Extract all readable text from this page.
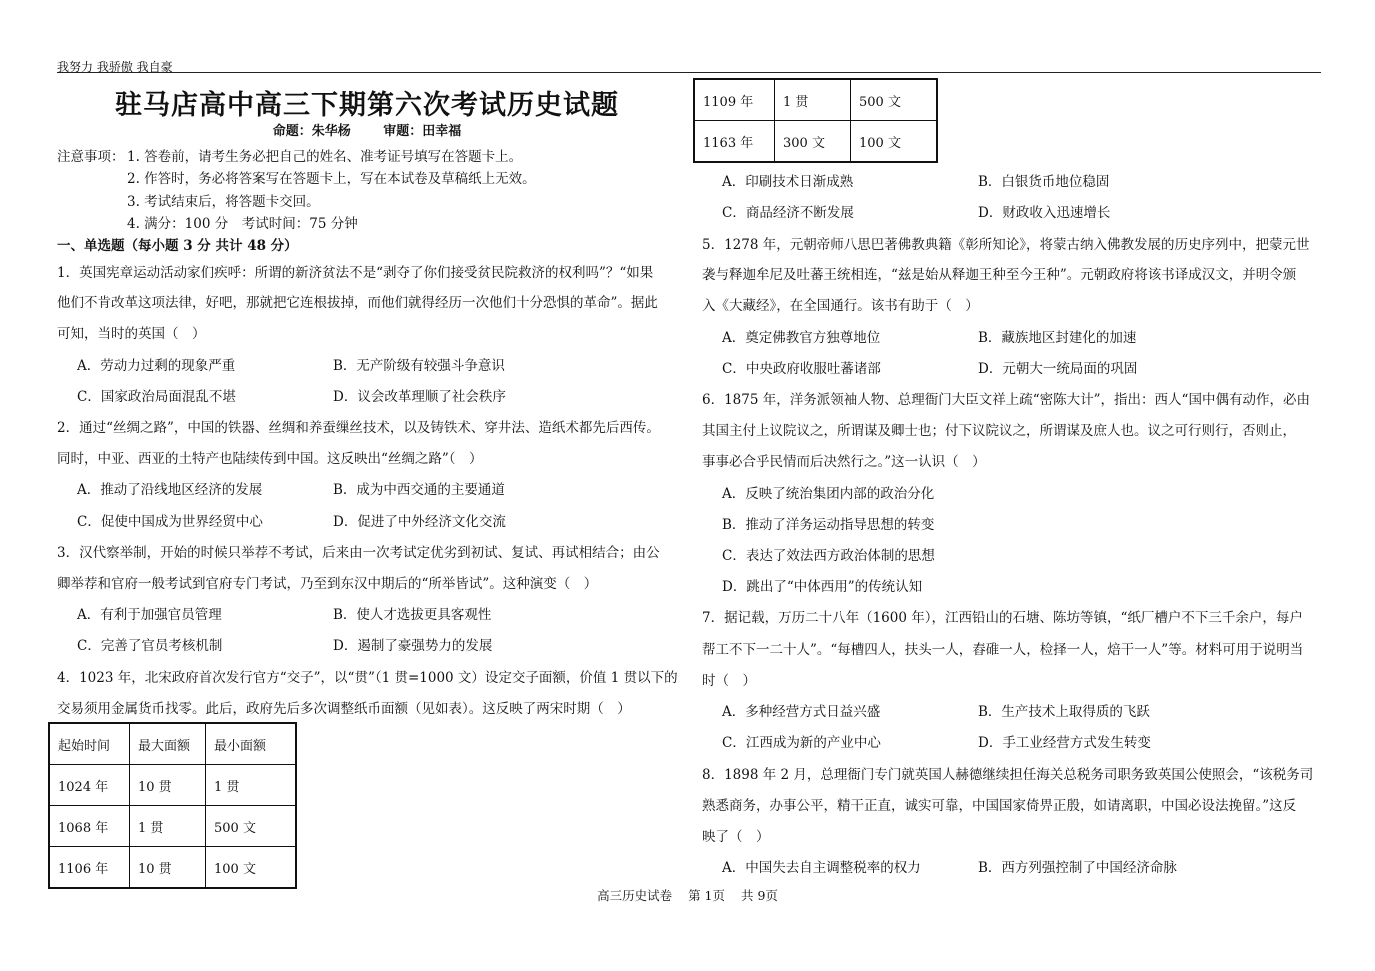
我努力 我骄傲 我自豪
驻马店高中高三下期第六次考试历史试题
命题：朱华杨	审题：田幸福
注意事项： 1. 答卷前，请考生务必把自己的姓名、准考证号填写在答题卡上。
2. 作答时，务必将答案写在答题卡上，写在本试卷及草稿纸上无效。
3. 考试结束后，将答题卡交回。
4. 满分：100 分　考试时间：75 分钟
一、单选题（每小题 3 分 共计 48 分）
1．英国宪章运动活动家们疾呼：所谓的新济贫法不是“剥夺了你们接受贫民院救济的权利吗”？“如果
他们不肯改革这项法律，好吧，那就把它连根拔掉，而他们就得经历一次他们十分恐惧的革命”。据此
可知，当时的英国（　）
A．劳动力过剩的现象严重	B．无产阶级有较强斗争意识
C．国家政治局面混乱不堪	D．议会改革理顺了社会秩序
2．通过“丝绸之路”，中国的铁器、丝绸和养蚕缫丝技术，以及铸铁术、穿井法、造纸术都先后西传。
同时，中亚、西亚的土特产也陆续传到中国。这反映出“丝绸之路”（　）
A．推动了沿线地区经济的发展	B．成为中西交通的主要通道
C．促使中国成为世界经贸中心	D．促进了中外经济文化交流
3．汉代察举制，开始的时候只举荐不考试，后来由一次考试定优劣到初试、复试、再试相结合；由公
卿举荐和官府一般考试到官府专门考试，乃至到东汉中期后的“所举皆试”。这种演变（　）
A．有利于加强官员管理	B．使人才选拔更具客观性
C．完善了官员考核机制	D．遏制了豪强势力的发展
4．1023 年，北宋政府首次发行官方“交子”，以“贯”（1 贯=1000 文）设定交子面额，价值 1 贯以下的
交易须用金属货币找零。此后，政府先后多次调整纸币面额（见如表）。这反映了两宋时期（　）
起始时间	最大面额	最小面额
1024 年	10 贯	1 贯
1068 年	1 贯	500 文
1106 年	10 贯	100 文
1109 年	1 贯	500 文
1163 年	300 文	100 文
A．印刷技术日渐成熟	B．白银货币地位稳固
C．商品经济不断发展	D．财政收入迅速增长
5．1278 年，元朝帝师八思巴著佛教典籍《彰所知论》，将蒙古纳入佛教发展的历史序列中，把蒙元世
袭与释迦牟尼及吐蕃王统相连，“兹是始从释迦王种至今王种”。元朝政府将该书译成汉文，并明令颁
入《大藏经》，在全国通行。该书有助于（　）
A．奠定佛教官方独尊地位	B．藏族地区封建化的加速
C．中央政府收服吐蕃诸部	D．元朝大一统局面的巩固
6．1875 年，洋务派领袖人物、总理衙门大臣文祥上疏“密陈大计”，指出：西人“国中偶有动作，必由
其国主付上议院议之，所谓谋及卿士也；付下议院议之，所谓谋及庶人也。议之可行则行，否则止，
事事必合乎民情而后决然行之。”这一认识（　）
A．反映了统治集团内部的政治分化
B．推动了洋务运动指导思想的转变
C．表达了效法西方政治体制的思想
D．跳出了“中体西用”的传统认知
7．据记载，万历二十八年（1600 年），江西铅山的石塘、陈坊等镇，“纸厂槽户不下三千余户，每户
帮工不下一二十人”。“每槽四人，扶头一人，舂碓一人，检择一人，焙干一人”等。材料可用于说明当
时（　）
A．多种经营方式日益兴盛	B．生产技术上取得质的飞跃
C．江西成为新的产业中心	D．手工业经营方式发生转变
8．1898 年 2 月，总理衙门专门就英国人赫德继续担任海关总税务司职务致英国公使照会，“该税务司
熟悉商务，办事公平，精干正直，诚实可靠，中国国家倚畀正殷，如请离职，中国必设法挽留。”这反
映了（　）
A．中国失去自主调整税率的权力	B．西方列强控制了中国经济命脉
高三历史试卷 第 1页 共 9页
